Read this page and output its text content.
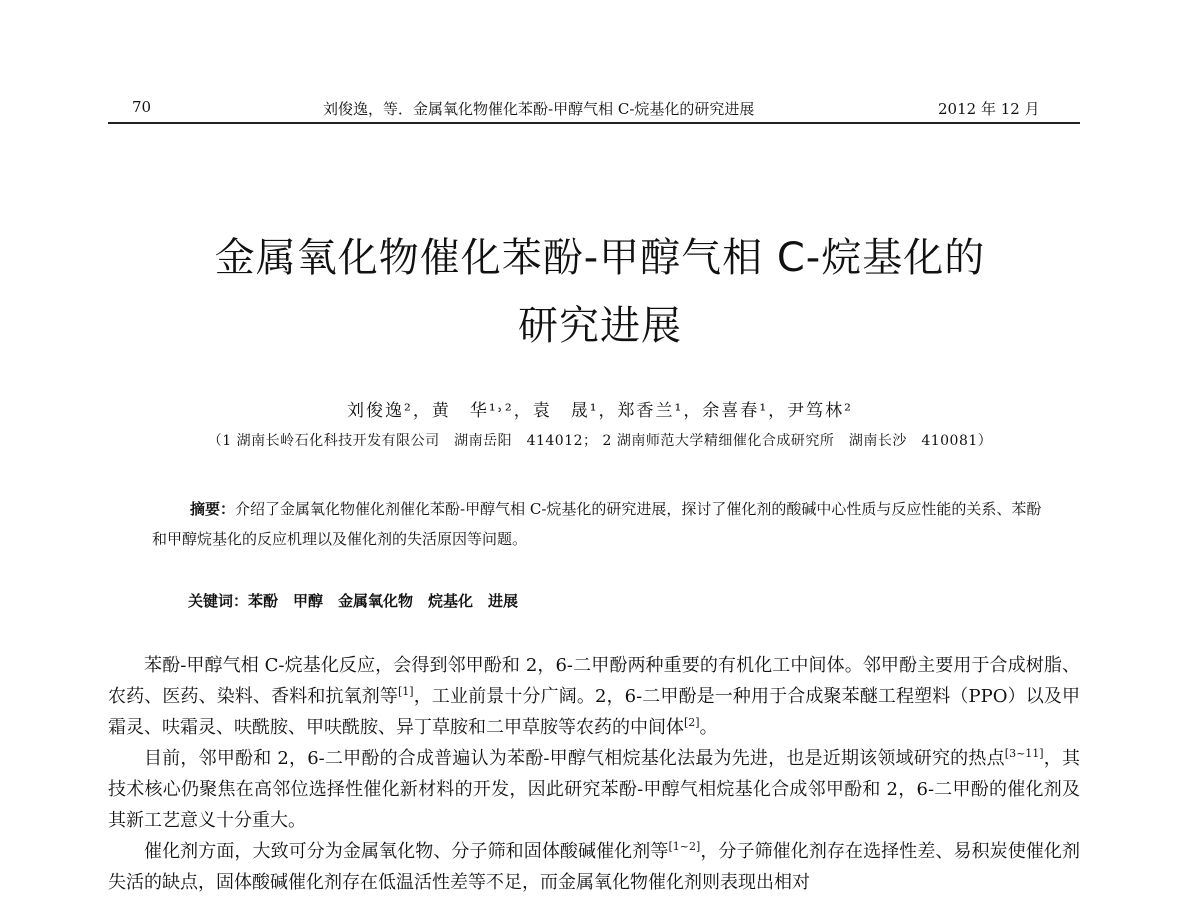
70	刘俊逸，等．金属氧化物催化苯酚-甲醇气相 C-烷基化的研究进展	2012 年 12 月
金属氧化物催化苯酚-甲醇气相 C-烷基化的
研究进展
刘俊逸²，黄　华¹˒²，袁　晟¹，郑香兰¹，余喜春¹，尹笃林²
（1 湖南长岭石化科技开发有限公司　湖南岳阳　414012； 2 湖南师范大学精细催化合成研究所　湖南长沙　410081）
摘要：介绍了金属氧化物催化剂催化苯酚-甲醇气相 C-烷基化的研究进展，探讨了催化剂的酸碱中心性质与反应性能的关系、苯酚和甲醇烷基化的反应机理以及催化剂的失活原因等问题。
关键词：苯酚　甲醇　金属氧化物　烷基化　进展

苯酚-甲醇气相 C-烷基化反应，会得到邻甲酚和 2，6-二甲酚两种重要的有机化工中间体。邻甲酚主要用于合成树脂、农药、医药、染料、香料和抗氧剂等[1]，工业前景十分广阔。2，6-二甲酚是一种用于合成聚苯醚工程塑料（PPO）以及甲霜灵、呋霜灵、呋酰胺、甲呋酰胺、异丁草胺和二甲草胺等农药的中间体[2]。

目前，邻甲酚和 2，6-二甲酚的合成普遍认为苯酚-甲醇气相烷基化法最为先进，也是近期该领域研究的热点[3~11]，其技术核心仍聚焦在高邻位选择性催化新材料的开发，因此研究苯酚-甲醇气相烷基化合成邻甲酚和 2，6-二甲酚的催化剂及其新工艺意义十分重大。

催化剂方面，大致可分为金属氧化物、分子筛和固体酸碱催化剂等[1~2]，分子筛催化剂存在选择性差、易积炭使催化剂失活的缺点，固体酸碱催化剂存在低温活性差等不足，而金属氧化物催化剂则表现出相对
